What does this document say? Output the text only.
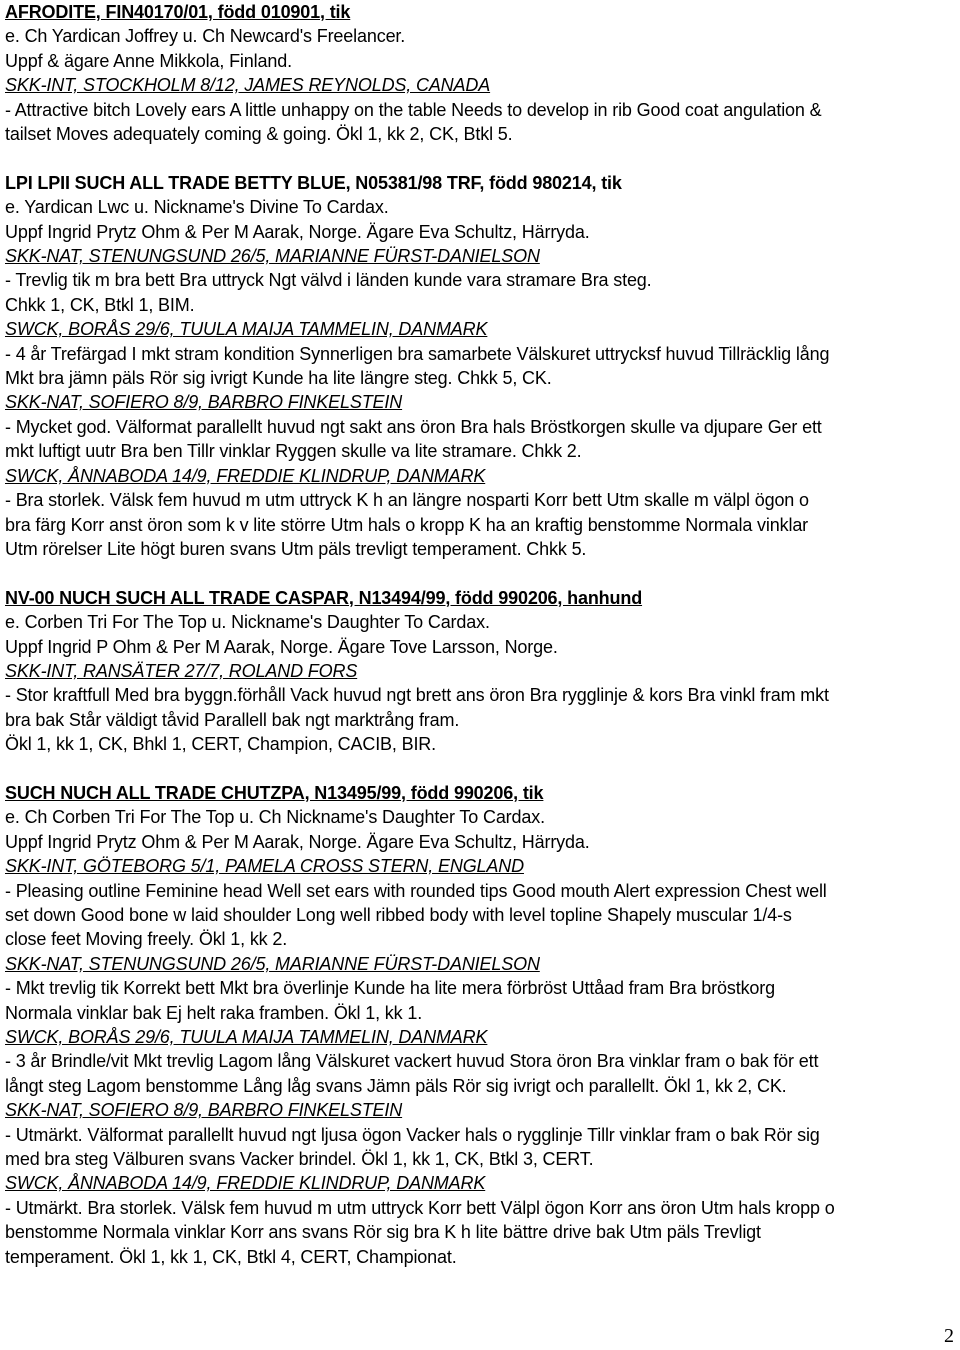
AFRODITE, FIN40170/01, född 010901, tik
e. Ch Yardican Joffrey u. Ch Newcard's Freelancer.
Uppf & ägare Anne Mikkola, Finland.
SKK-INT, STOCKHOLM 8/12, JAMES REYNOLDS, CANADA
- Attractive bitch Lovely ears A little unhappy on the table Needs to develop in rib Good coat angulation &
tailset Moves adequately coming & going. Ökl 1, kk 2, CK, Btkl 5.
LPI LPII SUCH ALL TRADE BETTY BLUE, N05381/98 TRF, född 980214, tik
e. Yardican Lwc u. Nickname's Divine To Cardax.
Uppf Ingrid Prytz Ohm & Per M Aarak, Norge. Ägare Eva Schultz, Härryda.
SKK-NAT, STENUNGSUND 26/5, MARIANNE FÜRST-DANIELSON
- Trevlig tik m bra bett Bra uttryck Ngt välvd i länden kunde vara stramare Bra steg.
Chkk 1, CK, Btkl 1, BIM.
SWCK, BORÅS 29/6, TUULA MAIJA TAMMELIN, DANMARK
- 4 år Trefärgad I mkt stram kondition Synnerligen bra samarbete Välskuret uttrycksf huvud Tillräcklig lång
Mkt bra jämn päls Rör sig ivrigt Kunde ha lite längre steg. Chkk 5, CK.
SKK-NAT, SOFIERO 8/9, BARBRO FINKELSTEIN
- Mycket god. Välformat parallellt huvud ngt sakt ans öron Bra hals Bröstkorgen skulle va djupare Ger ett
mkt luftigt uutr Bra ben Tillr vinklar Ryggen skulle va lite stramare. Chkk 2.
SWCK, ÅNNABODA 14/9, FREDDIE KLINDRUP, DANMARK
- Bra storlek. Välsk fem huvud m utm uttryck K h an längre nosparti Korr bett Utm skalle m välpl ögon o
bra färg Korr anst öron som k v lite större Utm hals o kropp K ha an kraftig benstomme Normala vinklar
Utm rörelser Lite högt buren svans Utm päls trevligt temperament. Chkk 5.
NV-00 NUCH SUCH ALL TRADE CASPAR, N13494/99, född 990206, hanhund
e. Corben Tri For The Top u. Nickname's Daughter To Cardax.
Uppf Ingrid P Ohm & Per M Aarak, Norge. Ägare Tove Larsson, Norge.
SKK-INT, RANSÄTER 27/7, ROLAND FORS
- Stor kraftfull Med bra byggn.förhåll Vack huvud ngt brett ans öron Bra rygglinje & kors Bra vinkl fram mkt
bra bak Står väldigt tåvid Parallell bak ngt marktrång fram.
Ökl 1, kk 1, CK, Bhkl 1, CERT, Champion, CACIB, BIR.
SUCH NUCH ALL TRADE CHUTZPA, N13495/99, född 990206, tik
e. Ch Corben Tri For The Top u. Ch Nickname's Daughter To Cardax.
Uppf Ingrid Prytz Ohm & Per M Aarak, Norge. Ägare Eva Schultz, Härryda.
SKK-INT, GÖTEBORG 5/1, PAMELA CROSS STERN, ENGLAND
- Pleasing outline Feminine head Well set ears with rounded tips Good mouth Alert expression Chest well
set down Good bone w laid shoulder Long well ribbed body with level topline Shapely muscular 1/4-s
close feet Moving freely. Ökl 1, kk 2.
SKK-NAT, STENUNGSUND 26/5, MARIANNE FÜRST-DANIELSON
- Mkt trevlig tik Korrekt bett Mkt bra överlinje Kunde ha lite mera förbröst Uttåad fram Bra bröstkorg
Normala vinklar bak Ej helt raka framben. Ökl 1, kk 1.
SWCK, BORÅS 29/6, TUULA MAIJA TAMMELIN, DANMARK
- 3 år Brindle/vit Mkt trevlig Lagom lång Välskuret vackert huvud Stora öron Bra vinklar fram o bak för ett
långt steg Lagom benstomme Lång låg svans Jämn päls Rör sig ivrigt och parallellt. Ökl 1, kk 2, CK.
SKK-NAT, SOFIERO 8/9, BARBRO FINKELSTEIN
- Utmärkt. Välformat parallellt huvud ngt ljusa ögon Vacker hals o rygglinje Tillr vinklar fram o bak Rör sig
med bra steg Välburen svans Vacker brindel. Ökl 1, kk 1, CK, Btkl 3, CERT.
SWCK, ÅNNABODA 14/9, FREDDIE KLINDRUP, DANMARK
- Utmärkt. Bra storlek. Välsk fem huvud m utm uttryck Korr bett Välpl ögon Korr ans öron Utm hals kropp o
benstomme Normala vinklar Korr ans svans Rör sig bra K h lite bättre drive bak Utm päls Trevligt
temperament. Ökl 1, kk 1, CK, Btkl 4, CERT, Championat.
2
